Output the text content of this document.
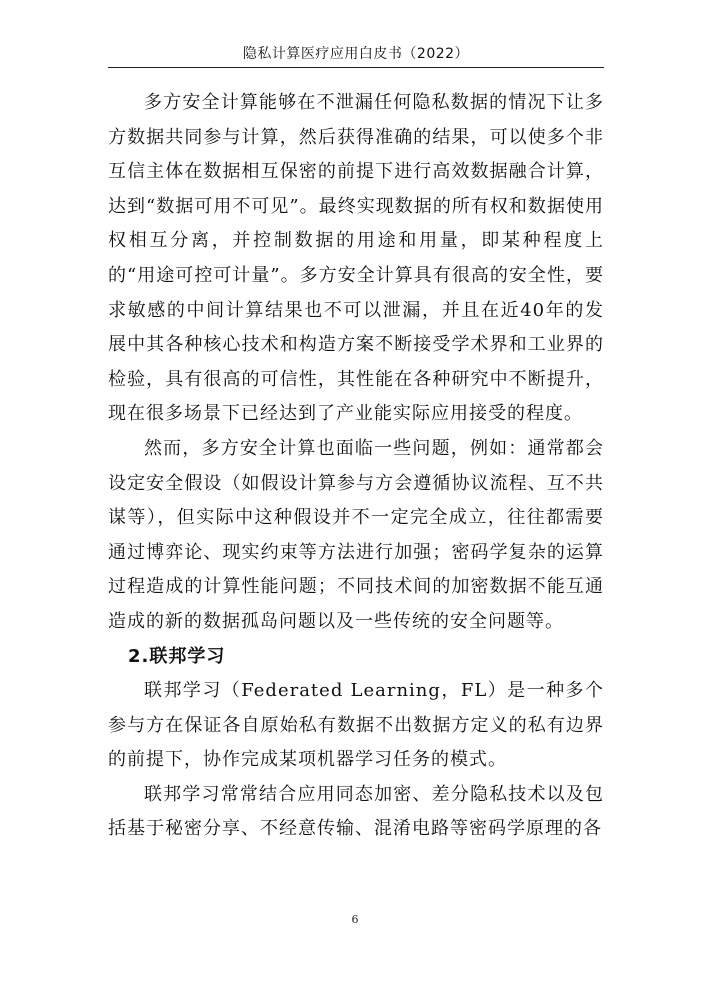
隐私计算医疗应用白皮书（2022）

多方安全计算能够在不泄漏任何隐私数据的情况下让多方数据共同参与计算，然后获得准确的结果，可以使多个非互信主体在数据相互保密的前提下进行高效数据融合计算，达到“数据可用不可见”。最终实现数据的所有权和数据使用权相互分离，并控制数据的用途和用量，即某种程度上的“用途可控可计量”。多方安全计算具有很高的安全性，要求敏感的中间计算结果也不可以泄漏，并且在近40年的发展中其各种核心技术和构造方案不断接受学术界和工业界的检验，具有很高的可信性，其性能在各种研究中不断提升，现在很多场景下已经达到了产业能实际应用接受的程度。

然而，多方安全计算也面临一些问题，例如：通常都会设定安全假设（如假设计算参与方会遵循协议流程、互不共谋等），但实际中这种假设并不一定完全成立，往往都需要通过博弈论、现实约束等方法进行加强；密码学复杂的运算过程造成的计算性能问题；不同技术间的加密数据不能互通造成的新的数据孤岛问题以及一些传统的安全问题等。

2.联邦学习

联邦学习（Federated Learning，FL）是一种多个参与方在保证各自原始私有数据不出数据方定义的私有边界的前提下，协作完成某项机器学习任务的模式。

联邦学习常常结合应用同态加密、差分隐私技术以及包括基于秘密分享、不经意传输、混淆电路等密码学原理的各

6
